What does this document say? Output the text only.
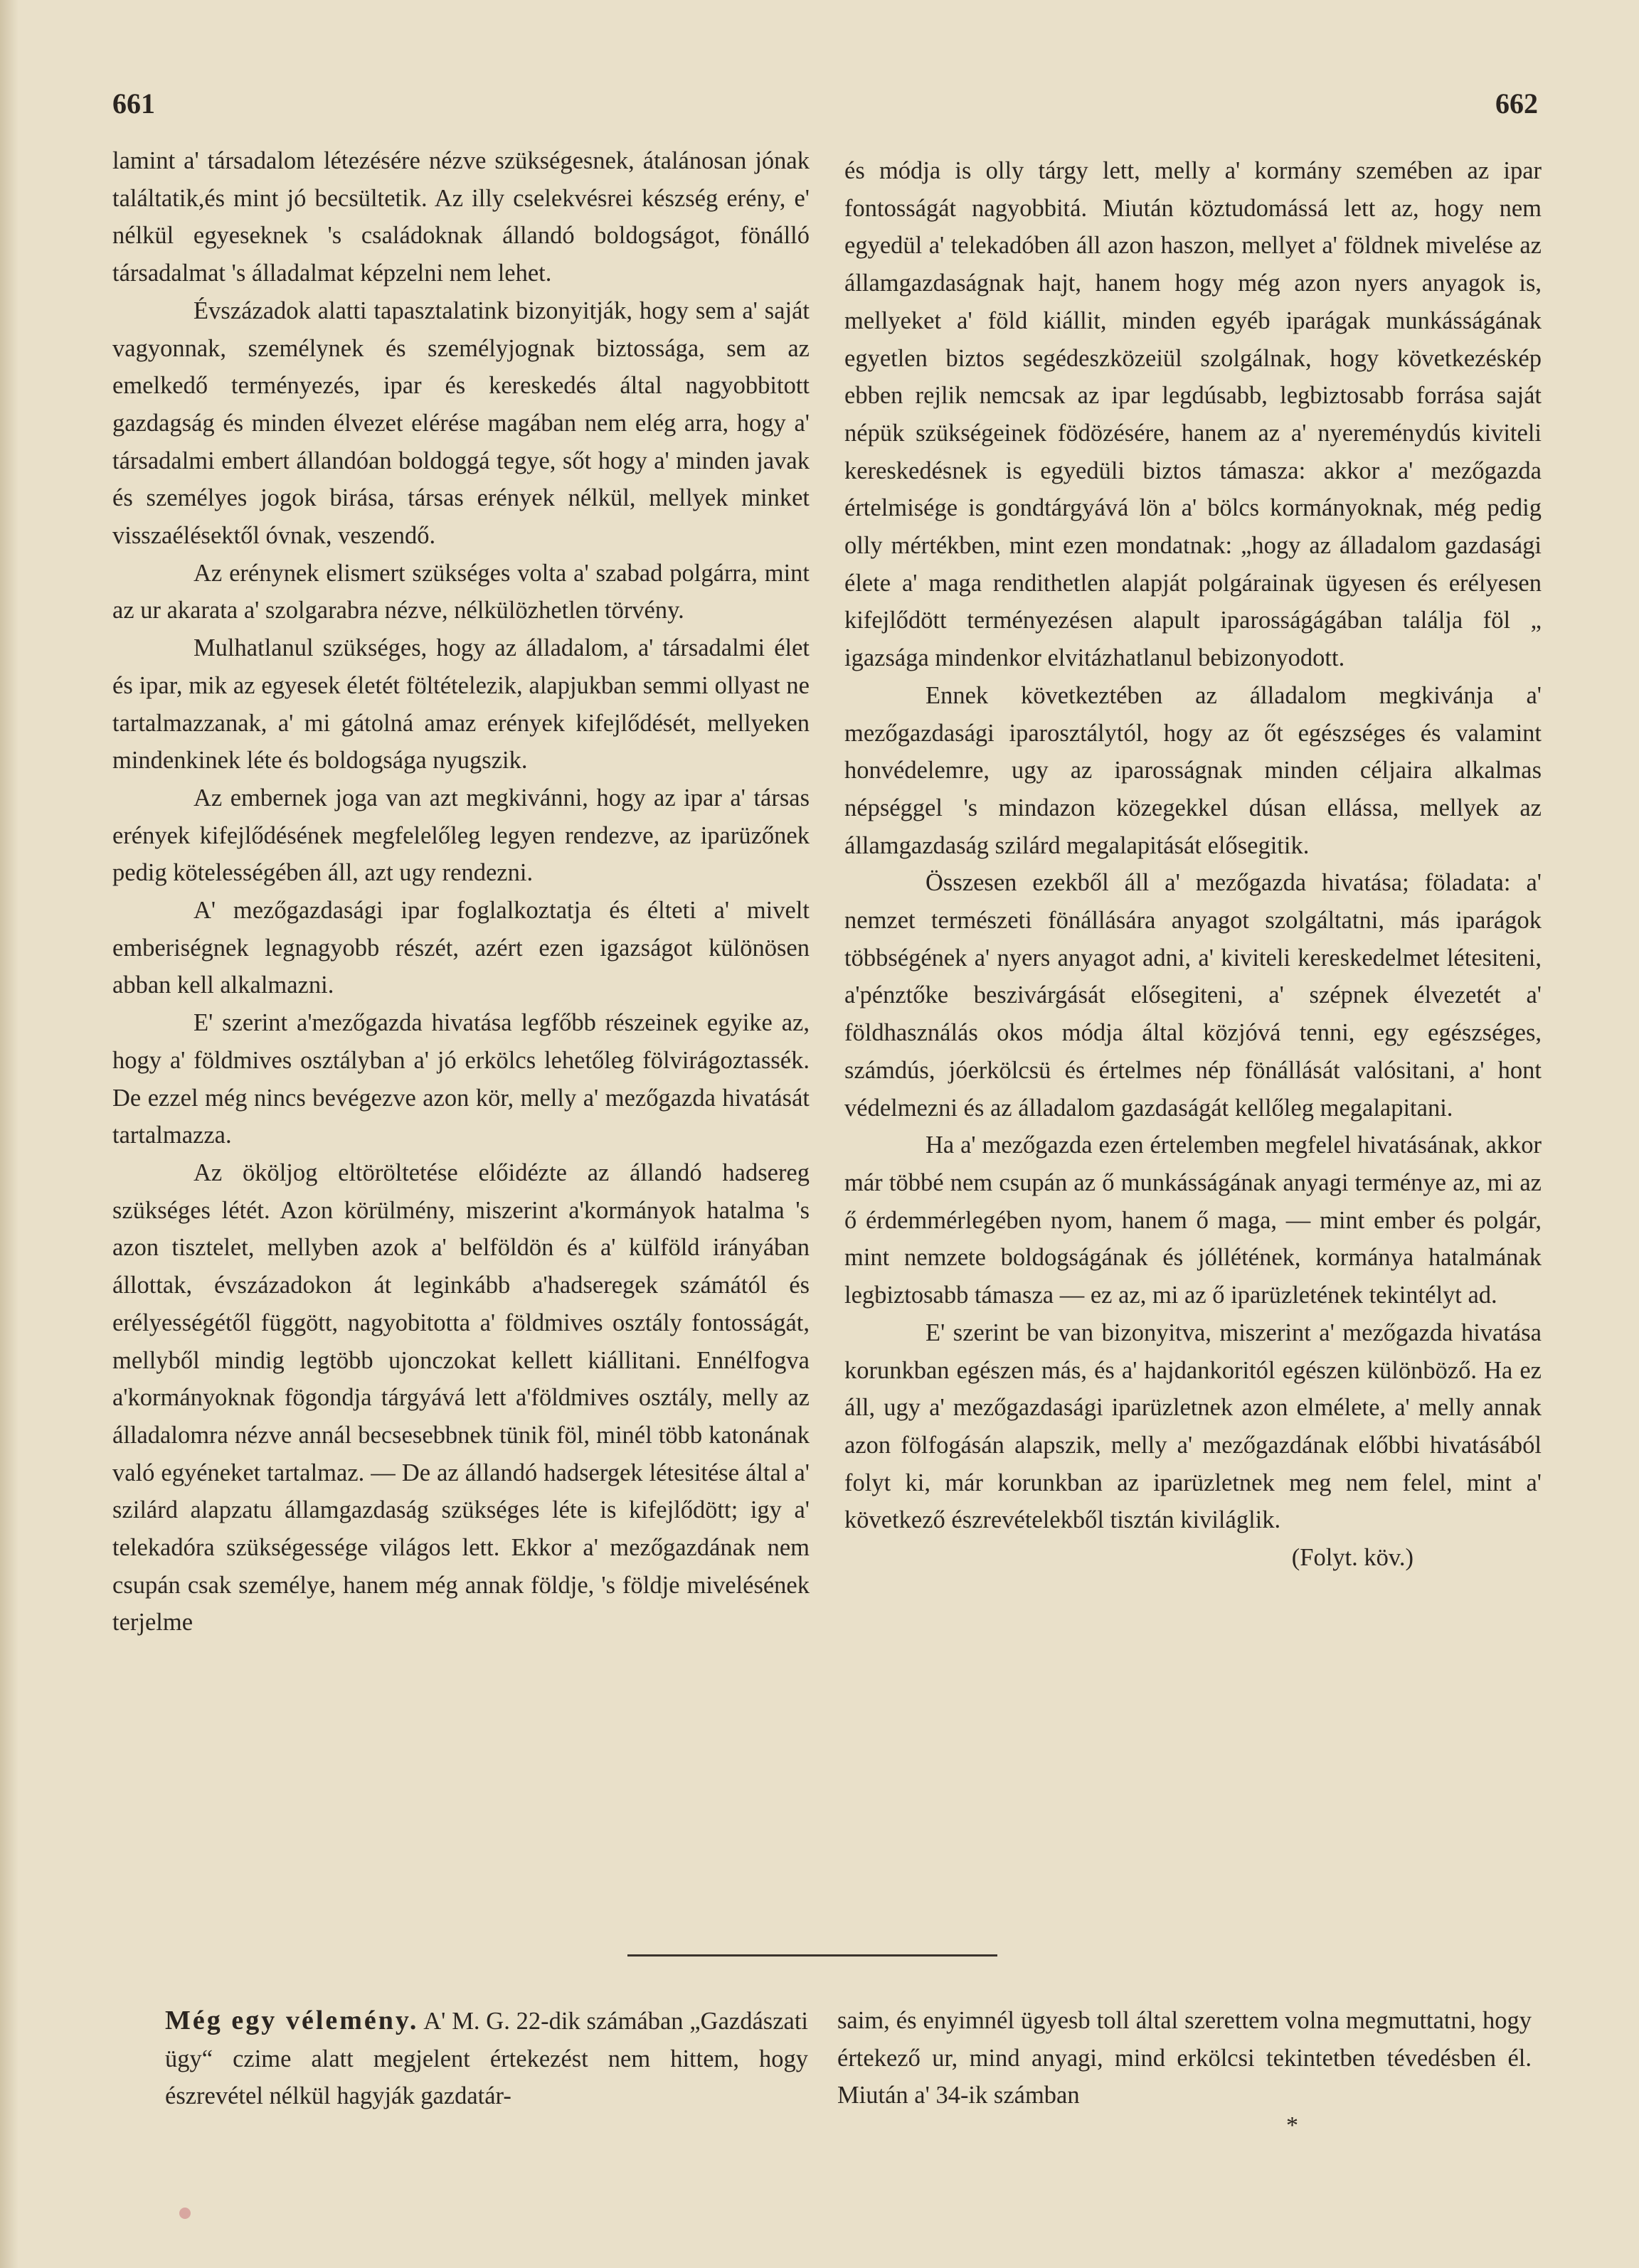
661	662

lamint a' társadalom létezésére nézve szükségesnek, átalánosan jónak találtatik,és mint jó becsültetik. Az illy cselekvésrei készség erény, e' nélkül egyeseknek 's családoknak állandó boldogságot, fönálló társadalmat 's álladalmat képzelni nem lehet.

Évszázadok alatti tapasztalatink bizonyitják, hogy sem a' saját vagyonnak, személynek és személyjognak biztossága, sem az emelkedő terményezés, ipar és kereskedés által nagyobbitott gazdagság és minden élvezet elérése magában nem elég arra, hogy a' társadalmi embert állandóan boldoggá tegye, sőt hogy a' minden javak és személyes jogok birása, társas erények nélkül, mellyek minket visszaélésektől óvnak, veszendő.

Az erénynek elismert szükséges volta a' szabad polgárra, mint az ur akarata a' szolgarabra nézve, nélkülözhetlen törvény.

Mulhatlanul szükséges, hogy az álladalom, a' társadalmi élet és ipar, mik az egyesek életét föltételezik, alapjukban semmi ollyast ne tartalmazzanak, a' mi gátolná amaz erények kifejlődését, mellyeken mindenkinek léte és boldogsága nyugszik.

Az embernek joga van azt megkivánni, hogy az ipar a' társas erények kifejlődésének megfelelőleg legyen rendezve, az iparüzőnek pedig kötelességében áll, azt ugy rendezni.

A' mezőgazdasági ipar foglalkoztatja és élteti a' mivelt emberiségnek legnagyobb részét, azért ezen igazságot különösen abban kell alkalmazni.

E' szerint a'mezőgazda hivatása legfőbb részeinek egyike az, hogy a' földmives osztályban a' jó erkölcs lehetőleg fölvirágoztassék. De ezzel még nincs bevégezve azon kör, melly a' mezőgazda hivatását tartalmazza.

Az ököljog eltöröltetése előidézte az állandó hadsereg szükséges létét. Azon körülmény, miszerint a'kormányok hatalma 's azon tisztelet, mellyben azok a' belföldön és a' külföld irányában állottak, évszázadokon át leginkább a'hadseregek számától és erélyességétől függött, nagyobitotta a' földmives osztály fontosságát, mellyből mindig legtöbb ujonczokat kellett kiállitani. Ennélfogva a'kormányoknak fögondja tárgyává lett a'földmives osztály, melly az álladalomra nézve annál becsesebbnek tünik föl, minél több katonának való egyéneket tartalmaz. — De az állandó hadsergek létesitése által a' szilárd alapzatu államgazdaság szükséges léte is kifejlődött; igy a' telekadóra szükségessége világos lett. Ekkor a' mezőgazdának nem csupán csak személye, hanem még annak földje, 's földje mivelésének terjelme

és módja is olly tárgy lett, melly a' kormány szemében az ipar fontosságát nagyobbitá. Miután köztudomássá lett az, hogy nem egyedül a' telekadóben áll azon haszon, mellyet a' földnek mivelése az államgazdaságnak hajt, hanem hogy még azon nyers anyagok is, mellyeket a' föld kiállit, minden egyéb iparágak munkásságának egyetlen biztos segédeszközeiül szolgálnak, hogy következéskép ebben rejlik nemcsak az ipar legdúsabb, legbiztosabb forrása saját népük szükségeinek födözésére, hanem az a' nyereménydús kiviteli kereskedésnek is egyedüli biztos támasza: akkor a' mezőgazda értelmisége is gondtárgyává lön a' bölcs kormányoknak, még pedig olly mértékben, mint ezen mondatnak: „hogy az álladalom gazdasági élete a' maga rendithetlen alapját polgárainak ügyesen és erélyesen kifejlődött terményezésen alapult iparosságágában találja föl „ igazsága mindenkor elvitázhatlanul bebizonyodott.

Ennek következtében az álladalom megkivánja a' mezőgazdasági iparosztálytól, hogy az őt egészséges és valamint honvédelemre, ugy az iparosságnak minden céljaira alkalmas népséggel 's mindazon közegekkel dúsan ellássa, mellyek az államgazdaság szilárd megalapitását elősegitik.

Összesen ezekből áll a' mezőgazda hivatása; föladata: a' nemzet természeti fönállására anyagot szolgáltatni, más iparágok többségének a' nyers anyagot adni, a' kiviteli kereskedelmet létesiteni, a'pénztőke beszivárgását elősegiteni, a' szépnek élvezetét a' földhasználás okos módja által közjóvá tenni, egy egészséges, számdús, jóerkölcsü és értelmes nép fönállását valósitani, a' hont védelmezni és az álladalom gazdaságát kellőleg megalapitani.

Ha a' mezőgazda ezen értelemben megfelel hivatásának, akkor már többé nem csupán az ő munkásságának anyagi terménye az, mi az ő érdemmérlegében nyom, hanem ő maga, — mint ember és polgár, mint nemzete boldogságának és jóllétének, kormánya hatalmának legbiztosabb támasza — ez az, mi az ő iparüzletének tekintélyt ad.

E' szerint be van bizonyitva, miszerint a' mezőgazda hivatása korunkban egészen más, és a' hajdankoritól egészen különböző. Ha ez áll, ugy a' mezőgazdasági iparüzletnek azon elmélete, a' melly annak azon fölfogásán alapszik, melly a' mezőgazdának előbbi hivatásából folyt ki, már korunkban az iparüzletnek meg nem felel, mint a' következő észrevételekből tisztán kiviláglik.

(Folyt. köv.)

Még egy vélemény. A' M. G. 22-dik számában „Gazdászati ügy“ czime alatt megjelent értekezést nem hittem, hogy észrevétel nélkül hagyják gazdatár-

saim, és enyimnél ügyesb toll által szerettem volna megmuttatni, hogy értekező ur, mind anyagi, mind erkölcsi tekintetben tévedésben él. Miután a' 34-ik számban

*
